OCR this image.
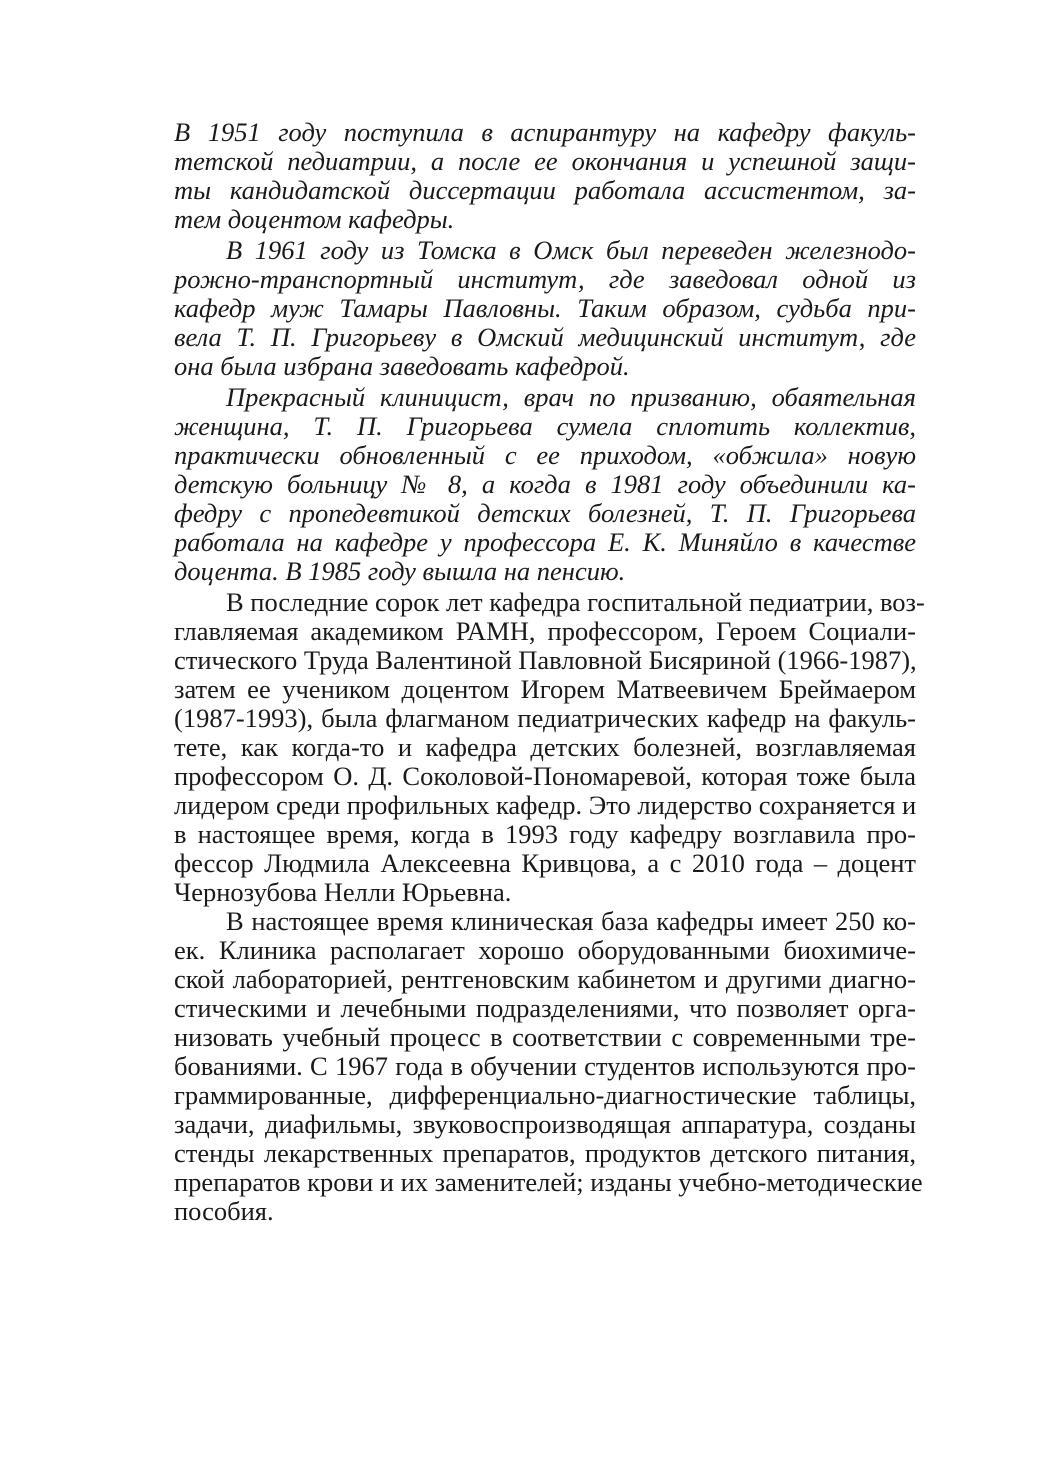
В 1951 году поступила в аспирантуру на кафедру факуль-
тетской педиатрии, а после ее окончания и успешной защи-
ты кандидатской диссертации работала ассистентом, за-
тем доцентом кафедры.
В 1961 году из Томска в Омск был переведен железнодо-
рожно-транспортный институт, где заведовал одной из
кафедр муж Тамары Павловны. Таким образом, судьба при-
вела Т. П. Григорьеву в Омский медицинский институт, где
она была избрана заведовать кафедрой.
Прекрасный клиницист, врач по призванию, обаятельная
женщина, Т. П. Григорьева сумела сплотить коллектив,
практически обновленный с ее приходом, «обжила» новую
детскую больницу № 8, а когда в 1981 году объединили ка-
федру с пропедевтикой детских болезней, Т. П. Григорьева
работала на кафедре у профессора Е. К. Миняйло в качестве
доцента. В 1985 году вышла на пенсию.
В последние сорок лет кафедра госпитальной педиатрии, воз-
главляемая академиком РАМН, профессором, Героем Социали-
стического Труда Валентиной Павловной Бисяриной (1966-1987),
затем ее учеником доцентом Игорем Матвеевичем Бреймаером
(1987-1993), была флагманом педиатрических кафедр на факуль-
тете, как когда-то и кафедра детских болезней, возглавляемая
профессором О. Д. Соколовой-Пономаревой, которая тоже была
лидером среди профильных кафедр. Это лидерство сохраняется и
в настоящее время, когда в 1993 году кафедру возглавила про-
фессор Людмила Алексеевна Кривцова, а с 2010 года – доцент
Чернозубова Нелли Юрьевна.
В настоящее время клиническая база кафедры имеет 250 ко-
ек. Клиника располагает хорошо оборудованными биохимиче-
ской лабораторией, рентгеновским кабинетом и другими диагно-
стическими и лечебными подразделениями, что позволяет орга-
низовать учебный процесс в соответствии с современными тре-
бованиями. С 1967 года в обучении студентов используются про-
граммированные, дифференциально-диагностические таблицы,
задачи, диафильмы, звуковоспроизводящая аппаратура, созданы
стенды лекарственных препаратов, продуктов детского питания,
препаратов крови и их заменителей; изданы учебно-методические
пособия.
